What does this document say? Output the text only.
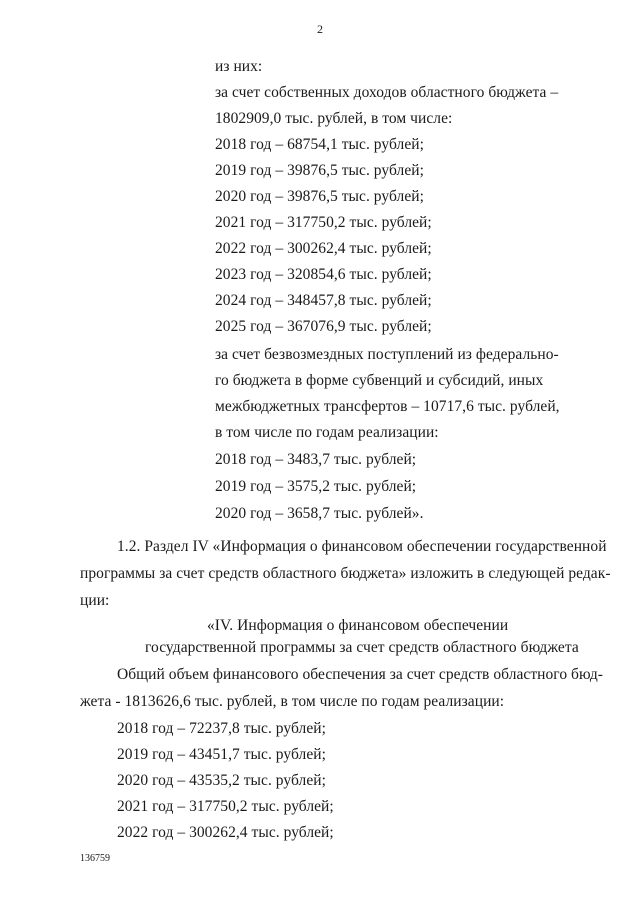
2
из них:
за счет собственных доходов областного бюджета –
1802909,0 тыс. рублей, в том числе:
2018 год – 68754,1 тыс. рублей;
2019 год – 39876,5 тыс. рублей;
2020 год – 39876,5 тыс. рублей;
2021 год – 317750,2 тыс. рублей;
2022 год – 300262,4 тыс. рублей;
2023 год – 320854,6 тыс. рублей;
2024 год – 348457,8 тыс. рублей;
2025 год – 367076,9 тыс. рублей;
за счет безвозмездных поступлений из федерально-
го бюджета в форме субвенций и субсидий, иных
межбюджетных трансфертов – 10717,6 тыс. рублей,
в том числе по годам реализации:
2018 год – 3483,7 тыс. рублей;
2019 год – 3575,2 тыс. рублей;
2020 год – 3658,7 тыс. рублей».
1.2. Раздел IV «Информация о финансовом обеспечении государственной
программы за счет средств областного бюджета» изложить в следующей редак-
ции:
«IV. Информация о финансовом обеспечении
государственной программы за счет средств областного бюджета
Общий объем финансового обеспечения за счет средств областного бюд-
жета - 1813626,6 тыс. рублей, в том числе по годам реализации:
2018 год – 72237,8 тыс. рублей;
2019 год – 43451,7 тыс. рублей;
2020 год – 43535,2 тыс. рублей;
2021 год – 317750,2 тыс. рублей;
2022 год – 300262,4 тыс. рублей;
136759
